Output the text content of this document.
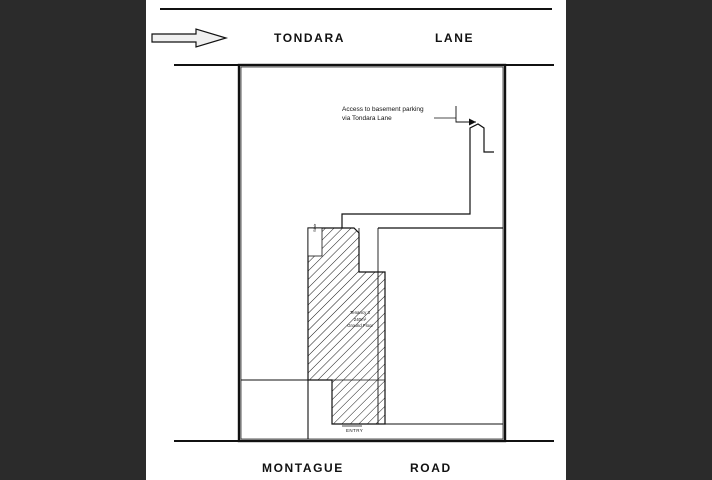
Access to basement parking
via Tondara Lane
Tenancy 3
240m²
Ground Floor
ENTRY
Stair
TONDARA	LANE
MONTAGUE	ROAD
